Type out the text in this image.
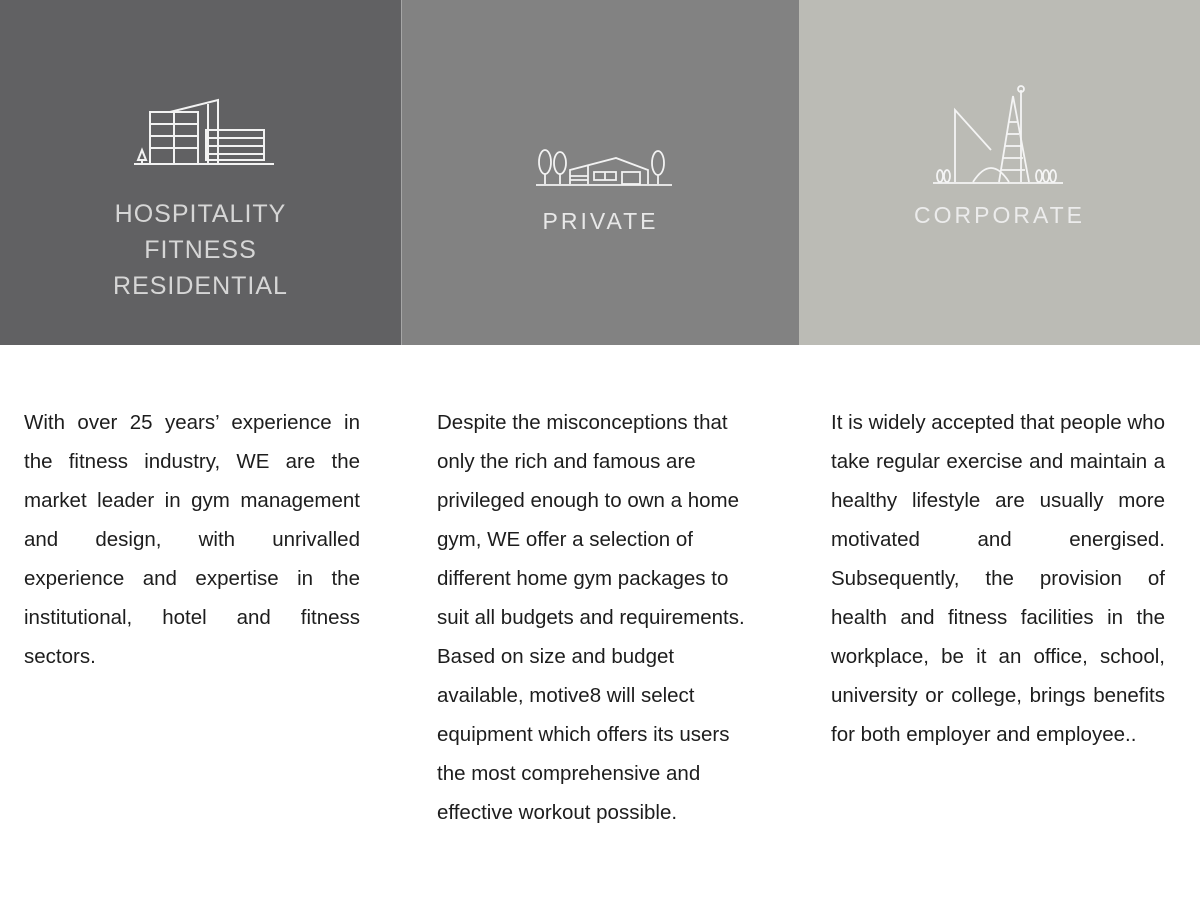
HOSPITALITY
FITNESS
RESIDENTIAL
PRIVATE	CORPORATE
With over 25 years’ experience in the fitness industry, WE are the market leader in gym management and design, with unrivalled experience and expertise in the institutional, hotel and fitness sectors.
Despite the misconceptions that
only the rich and famous are
privileged enough to own a home
gym, WE offer a selection of
different home gym packages to
suit all budgets and requirements.
Based on size and budget
available, motive8 will select
equipment which offers its users
the most comprehensive and
effective workout possible.
It is widely accepted that people who take regular exercise and maintain a healthy lifestyle are usually more motivated and energised. Subsequently, the provision of health and fitness facilities in the workplace, be it an office, school, university or college, brings benefits for both employer and employee..
